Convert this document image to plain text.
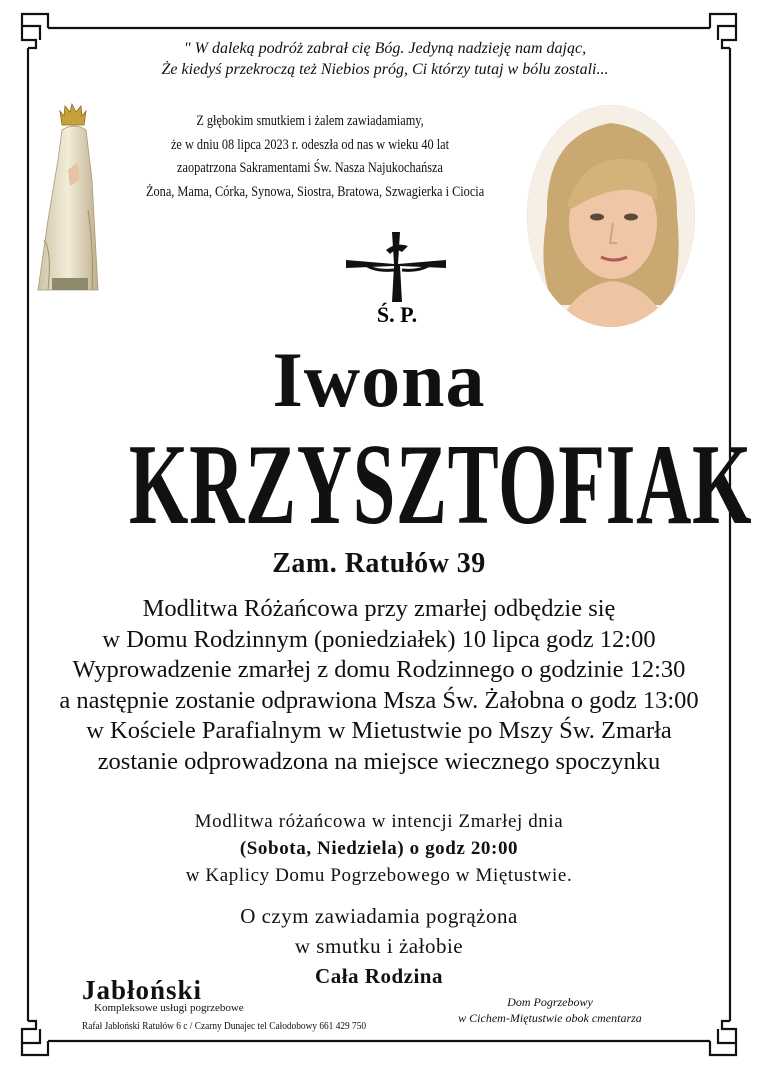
" W daleką podróż zabrał cię Bóg. Jedyną nadzieję nam dając,
Że kiedyś przekroczą też Niebios próg, Ci którzy tutaj w bólu zostali...
Z głębokim smutkiem i żalem zawiadamiamy,
że w dniu 08 lipca 2023 r. odeszła od nas w wieku 40 lat
zaopatrzona Sakramentami Św. Nasza Najukochańsza
Żona, Mama, Córka, Synowa, Siostra, Bratowa, Szwagierka i Ciocia
Ś. P.
Iwona
KRZYSZTOFIAK
Zam. Ratułów 39
Modlitwa Różańcowa przy zmarłej odbędzie się
w Domu Rodzinnym (poniedziałek) 10 lipca godz 12:00
Wyprowadzenie zmarłej z domu Rodzinnego o godzinie 12:30
a następnie zostanie odprawiona Msza Św. Żałobna o godz 13:00
w Kościele Parafialnym w Mietustwie po Mszy Św. Zmarła
zostanie odprowadzona na miejsce wiecznego spoczynku
Modlitwa różańcowa w intencji Zmarłej dnia
(Sobota, Niedziela) o godz 20:00
w Kaplicy Domu Pogrzebowego w Miętustwie.
O czym zawiadamia pogrążona
w smutku i żałobie
Cała Rodzina
Jabłoński
Kompleksowe usługi pogrzebowe
Rafał Jabłoński Ratułów 6 c / Czarny Dunajec tel Całodobowy 661 429 750
Dom Pogrzebowy
w Cichem-Miętustwie obok cmentarza
